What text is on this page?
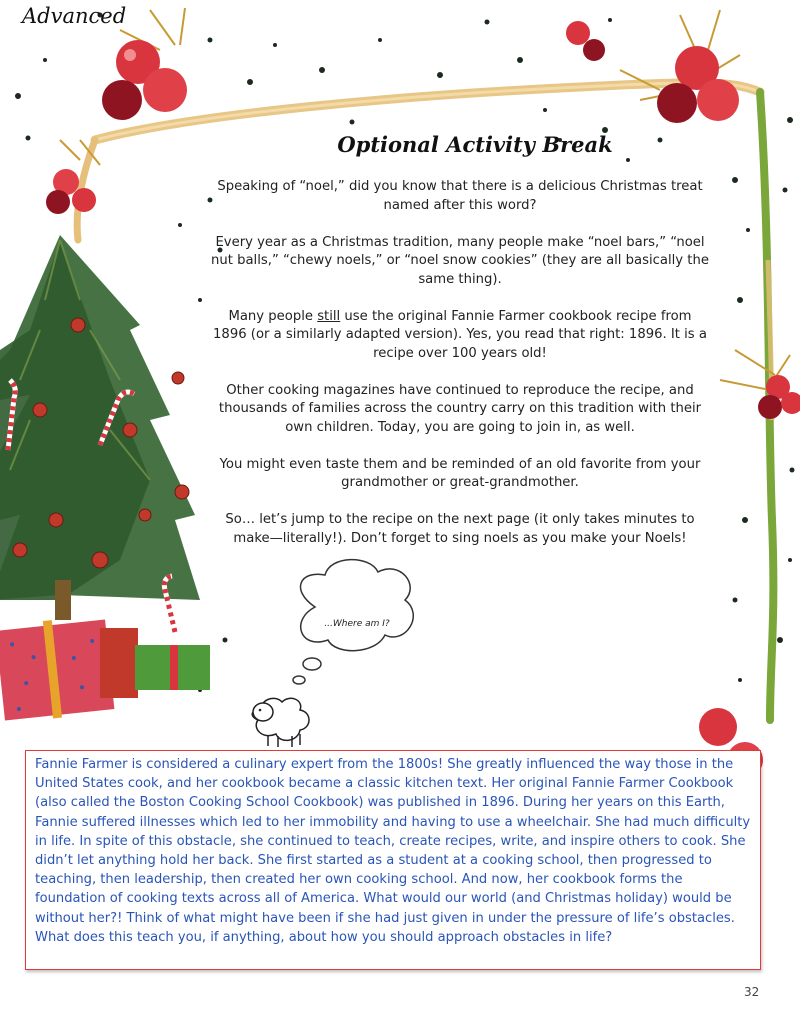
Advanced
Optional Activity Break

Speaking of “noel,” did you know that there is a delicious Christmas treat named after this word?

Every year as a Christmas tradition, many people make “noel bars,” “noel nut balls,” “chewy noels,” or “noel snow cookies” (they are all basically the same thing).

Many people still use the original Fannie Farmer cookbook recipe from 1896 (or a similarly adapted version). Yes, you read that right: 1896. It is a recipe over 100 years old!

Other cooking magazines have continued to reproduce the recipe, and thousands of families across the country carry on this tradition with their own children. Today, you are going to join in, as well.

You might even taste them and be reminded of an old favorite from your grandmother or great-grandmother.

So… let’s jump to the recipe on the next page (it only takes minutes to make—literally!). Don’t forget to sing noels as you make your Noels!

...Where am I?
Fannie Farmer is considered a culinary expert from the 1800s! She greatly influenced the way those in the United States cook, and her cookbook became a classic kitchen text. Her original Fannie Farmer Cookbook (also called the Boston Cooking School Cookbook) was published in 1896. During her years on this Earth, Fannie suffered illnesses which led to her immobility and having to use a wheelchair. She had much difficulty in life. In spite of this obstacle, she continued to teach, create recipes, write, and inspire others to cook. She didn’t let anything hold her back. She first started as a student at a cooking school, then progressed to teaching, then leadership, then created her own cooking school. And now, her cookbook forms the foundation of cooking texts across all of America. What would our world (and Christmas holiday) would be without her?! Think of what might have been if she had just given in under the pressure of life’s obstacles. What does this teach you, if anything, about how you should approach obstacles in life?
32
